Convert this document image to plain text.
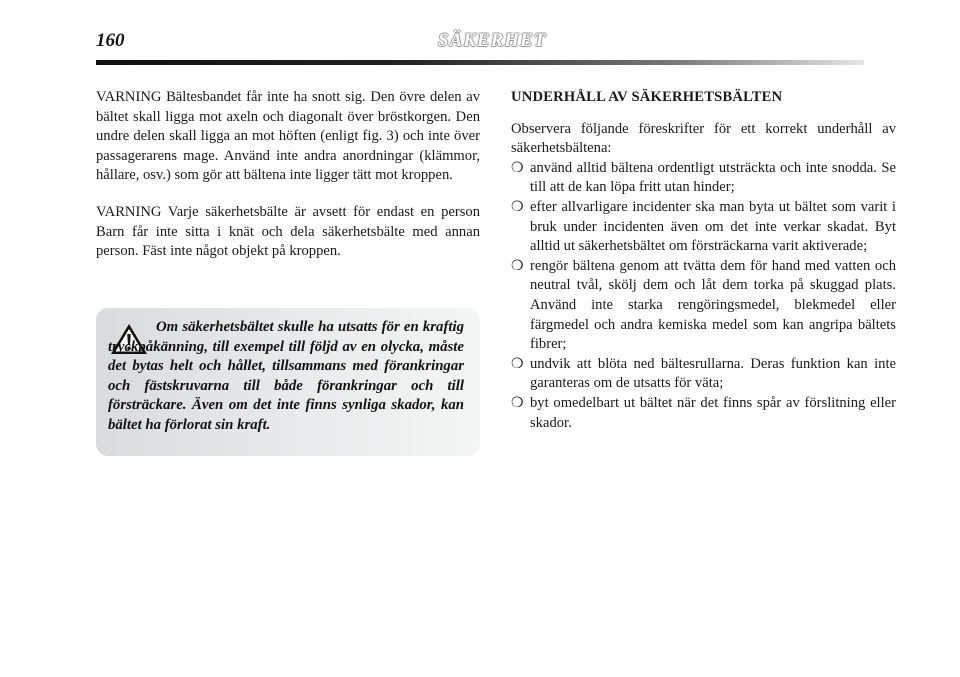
160	SÄKERHET

VARNING Bältesbandet får inte ha snott sig. Den övre delen av bältet skall ligga mot axeln och diagonalt över bröstkorgen. Den undre delen skall ligga an mot höften (enligt fig. 3) och inte över passagerarens mage. Använd inte andra anordningar (klämmor, hållare, osv.) som gör att bältena inte ligger tätt mot kroppen.

VARNING Varje säkerhetsbälte är avsett för endast en person Barn får inte sitta i knät och dela säkerhetsbälte med annan person. Fäst inte något objekt på kroppen.

Om säkerhetsbältet skulle ha utsatts för en kraftig tryckpåkänning, till exempel till följd av en olycka, måste det bytas helt och hållet, tillsammans med förankringar och fästskruvarna till både förankringar och till försträckare. Även om det inte finns synliga skador, kan bältet ha förlorat sin kraft.
UNDERHÅLL AV SÄKERHETSBÄLTEN

Observera följande föreskrifter för ett korrekt underhåll av säkerhetsbältena:

❍ använd alltid bältena ordentligt utsträckta och inte snodda. Se till att de kan löpa fritt utan hinder;
❍ efter allvarligare incidenter ska man byta ut bältet som varit i bruk under incidenten även om det inte verkar skadat. Byt alltid ut säkerhetsbältet om försträckarna varit aktiverade;
❍ rengör bältena genom att tvätta dem för hand med vatten och neutral tvål, skölj dem och låt dem torka på skuggad plats. Använd inte starka rengöringsmedel, blekmedel eller färgmedel och andra kemiska medel som kan angripa bältets fibrer;
❍ undvik att blöta ned bältesrullarna. Deras funktion kan inte garanteras om de utsatts för väta;
❍ byt omedelbart ut bältet när det finns spår av förslitning eller skador.
